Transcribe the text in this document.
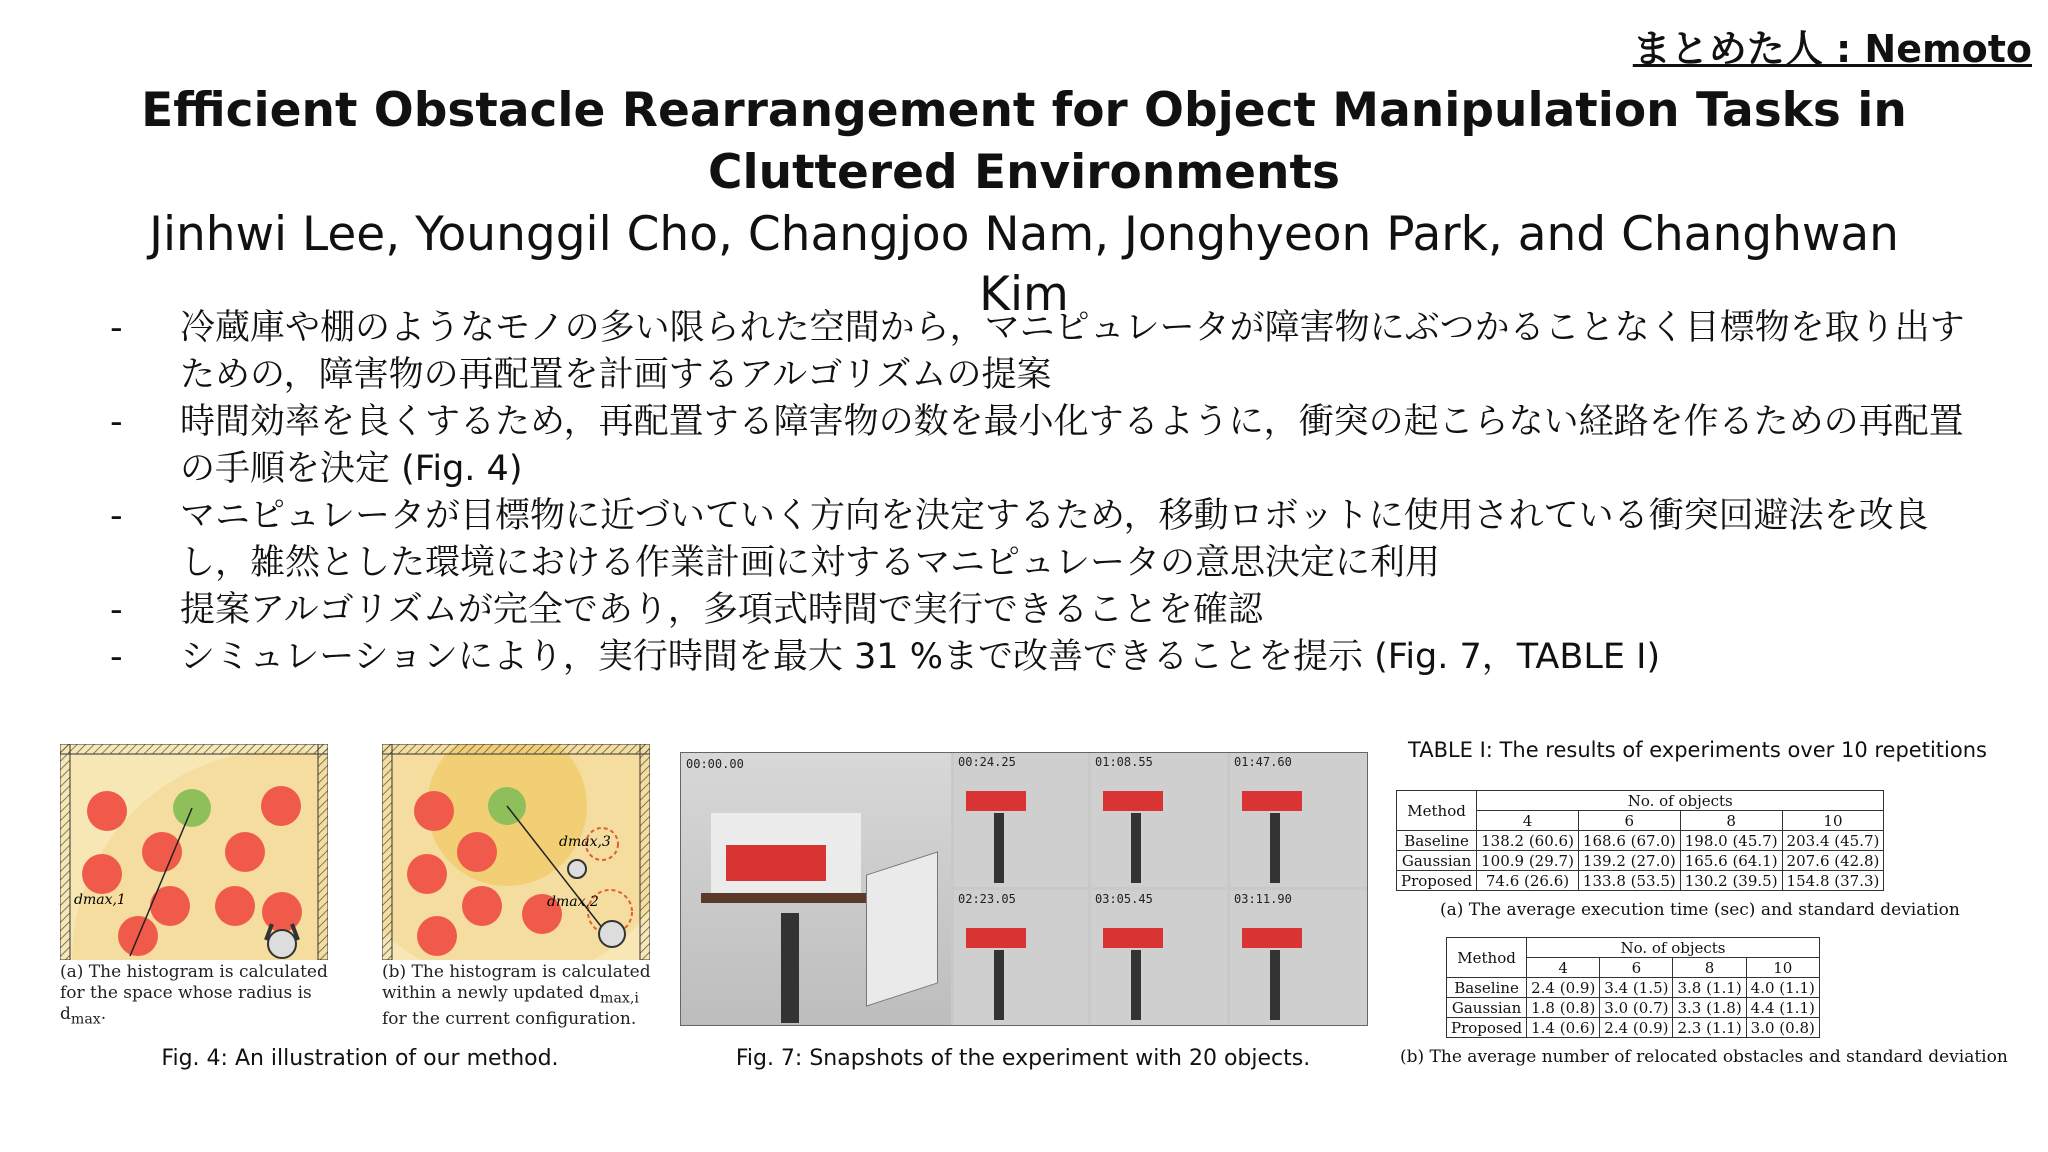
まとめた人 : Nemoto
Efficient Obstacle Rearrangement for Object Manipulation Tasks in Cluttered Environments
Jinhwi Lee, Younggil Cho, Changjoo Nam, Jonghyeon Park, and Changhwan Kim
- 冷蔵庫や棚のようなモノの多い限られた空間から，マニピュレータが障害物にぶつかることなく目標物を取り出すための，障害物の再配置を計画するアルゴリズムの提案
- 時間効率を良くするため，再配置する障害物の数を最小化するように，衝突の起こらない経路を作るための再配置の手順を決定 (Fig. 4)
- マニピュレータが目標物に近づいていく方向を決定するため，移動ロボットに使用されている衝突回避法を改良し，雑然とした環境における作業計画に対するマニピュレータの意思決定に利用
- 提案アルゴリズムが完全であり，多項式時間で実行できることを確認
- シミュレーションにより，実行時間を最大 31 %まで改善できることを提示 (Fig. 7，TABLE I)
dmax,1
(a) The histogram is calculated for the space whose radius is $d_{max}$.
dmax,3
dmax,2
(b) The histogram is calculated within a newly updated $d_{max,i}$ for the current configuration.
Fig. 4: An illustration of our method.
00:00.00	00:24.25	01:08.55	01:47.60
02:23.05	03:05.45	03:11.90
Fig. 7: Snapshots of the experiment with 20 objects.
TABLE I: The results of experiments over 10 repetitions
Method	No. of objects			
	4	6	8	10
Baseline	138.2 (60.6)	168.6 (67.0)	198.0 (45.7)	203.4 (45.7)
Gaussian	100.9 (29.7)	139.2 (27.0)	165.6 (64.1)	207.6 (42.8)
Proposed	74.6 (26.6)	133.8 (53.5)	130.2 (39.5)	154.8 (37.3)
(a) The average execution time (sec) and standard deviation
Method	No. of objects			
	4	6	8	10
Baseline	2.4 (0.9)	3.4 (1.5)	3.8 (1.1)	4.0 (1.1)
Gaussian	1.8 (0.8)	3.0 (0.7)	3.3 (1.8)	4.4 (1.1)
Proposed	1.4 (0.6)	2.4 (0.9)	2.3 (1.1)	3.0 (0.8)
(b) The average number of relocated obstacles and standard deviation
